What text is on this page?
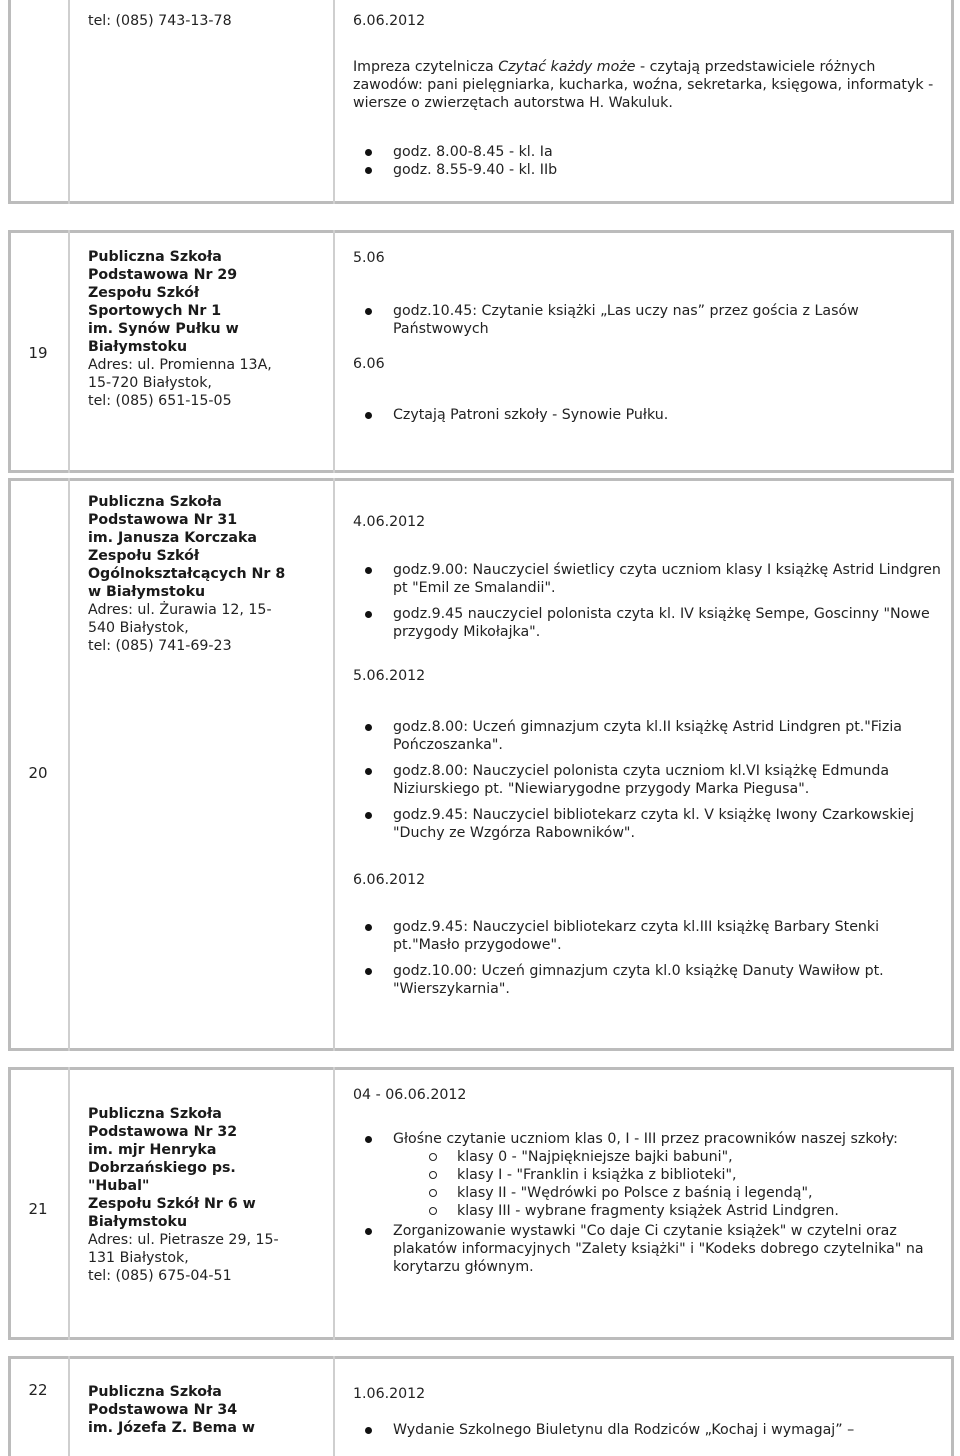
tel: (085) 743-13-78	6.06.2012
Impreza czytelnicza Czytać każdy może - czytają przedstawiciele różnych zawodów: pani pielęgniarka, kucharka, woźna, sekretarka, księgowa, informatyk - wiersze o zwierzętach autorstwa H. Wakuluk.
godz. 8.00-8.45 - kl. Ia
godz. 8.55-9.40 - kl. IIb
19
Publiczna Szkoła
Podstawowa Nr 29
Zespołu Szkół
Sportowych Nr 1
im. Synów Pułku w
Białymstoku
Adres: ul. Promienna 13A,
15-720 Białystok,
tel: (085) 651-15-05
5.06
godz.10.45: Czytanie książki „Las uczy nas” przez gościa z Lasów Państwowych
6.06
Czytają Patroni szkoły - Synowie Pułku.
20
Publiczna Szkoła
Podstawowa Nr 31
im. Janusza Korczaka
Zespołu Szkół
Ogólnokształcących Nr 8
w Białymstoku
Adres: ul. Żurawia 12, 15-
540 Białystok,
tel: (085) 741-69-23
4.06.2012
godz.9.00: Nauczyciel świetlicy czyta uczniom klasy I książkę Astrid Lindgren pt "Emil ze Smalandii".
godz.9.45 nauczyciel polonista czyta kl. IV książkę Sempe, Goscinny "Nowe przygody Mikołajka".
5.06.2012
godz.8.00: Uczeń gimnazjum czyta kl.II książkę Astrid Lindgren pt."Fizia Pończoszanka".
godz.8.00: Nauczyciel polonista czyta uczniom kl.VI książkę Edmunda Niziurskiego pt. "Niewiarygodne przygody Marka Piegusa".
godz.9.45: Nauczyciel bibliotekarz czyta kl. V książkę Iwony Czarkowskiej "Duchy ze Wzgórza Rabowników".
6.06.2012
godz.9.45: Nauczyciel bibliotekarz czyta kl.III książkę Barbary Stenki pt."Masło przygodowe".
godz.10.00: Uczeń gimnazjum czyta kl.0 książkę Danuty Wawiłow pt. "Wierszykarnia".
21
Publiczna Szkoła
Podstawowa Nr 32
im. mjr Henryka
Dobrzańskiego ps.
"Hubal"
Zespołu Szkół Nr 6 w
Białymstoku
Adres: ul. Pietrasze 29, 15-
131 Białystok,
tel: (085) 675-04-51
04 - 06.06.2012
Głośne czytanie uczniom klas 0, I - III przez pracowników naszej szkoły:
klasy 0 - "Najpiękniejsze bajki babuni",
klasy I - "Franklin i książka z biblioteki",
klasy II - "Wędrówki po Polsce z baśnią i legendą",
klasy III - wybrane fragmenty książek Astrid Lindgren.
Zorganizowanie wystawki "Co daje Ci czytanie książek" w czytelni oraz plakatów informacyjnych "Zalety książki" i "Kodeks dobrego czytelnika" na korytarzu głównym.
22	Publiczna Szkoła
Podstawowa Nr 34
im. Józefa Z. Bema w
1.06.2012
Wydanie Szkolnego Biuletynu dla Rodziców „Kochaj i wymagaj” –
